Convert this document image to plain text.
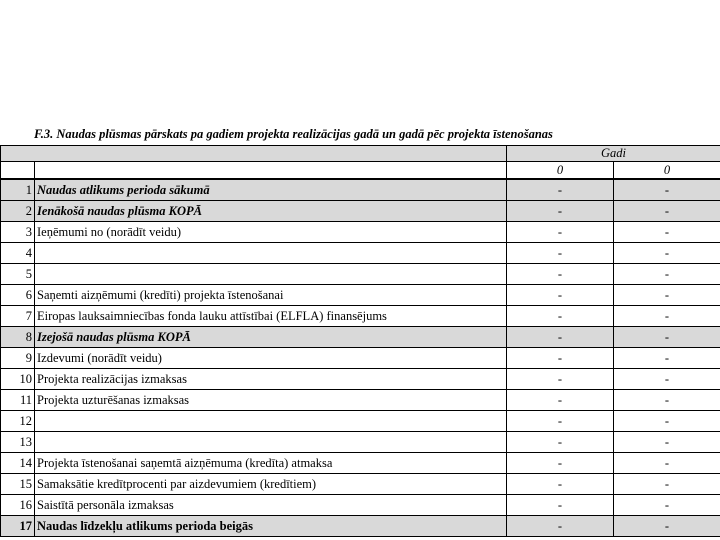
F.3. Naudas plūsmas pārskats pa gadiem projekta realizācijas gadā un gadā pēc projekta īstenošanas
		Gadi	
		0	0
1	Naudas atlikums perioda sākumā	-	-
2	Ienākošā naudas plūsma KOPĀ	-	-
3	Ieņēmumi no (norādīt veidu)	-	-
4		-	-
5		-	-
6	Saņemti aizņēmumi (kredīti) projekta īstenošanai	-	-
7	Eiropas lauksaimniecības fonda lauku attīstībai (ELFLA) finansējums	-	-
8	Izejošā naudas plūsma KOPĀ	-	-
9	Izdevumi (norādīt veidu)	-	-
10	Projekta realizācijas izmaksas	-	-
11	Projekta uzturēšanas izmaksas	-	-
12		-	-
13		-	-
14	Projekta īstenošanai saņemtā aizņēmuma (kredīta) atmaksa	-	-
15	Samaksātie kredītprocenti par aizdevumiem (kredītiem)	-	-
16	Saistītā personāla izmaksas	-	-
17	Naudas līdzekļu atlikums perioda beigās	-	-
